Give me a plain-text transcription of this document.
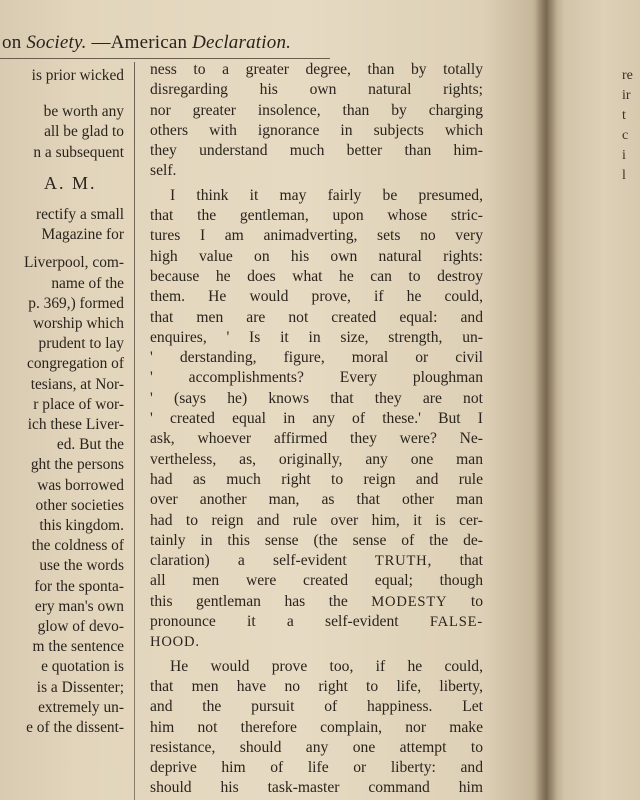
on Society. —American Declaration.
is prior wicked
be worth any
all be glad to
n a subsequent
A. M.
rectify a small
Magazine for
Liverpool, com-
name of the
p. 369,) formed
worship which
prudent to lay
congregation of
tesians, at Nor-
r place of wor-
ich these Liver-
ed. But the
ght the persons
was borrowed
other societies
this kingdom.
the coldness of
use the words
for the sponta-
ery man's own
glow of devo-
m the sentence
e quotation is
is a Dissenter;
extremely un-
e of the dissent-
ness to a greater degree, than by totally
disregarding his own natural rights;
nor greater insolence, than by charging
others with ignorance in subjects which
they understand much better than him-
self.
I think it may fairly be presumed,
that the gentleman, upon whose stric-
tures I am animadverting, sets no very
high value on his own natural rights:
because he does what he can to destroy
them. He would prove, if he could,
that men are not created equal: and
enquires, ' Is it in size, strength, un-
' derstanding, figure, moral or civil
' accomplishments? Every ploughman
' (says he) knows that they are not
' created equal in any of these.' But I
ask, whoever affirmed they were? Ne-
vertheless, as, originally, any one man
had as much right to reign and rule
over another man, as that other man
had to reign and rule over him, it is cer-
tainly in this sense (the sense of the de-
claration) a self-evident TRUTH, that
all men were created equal; though
this gentleman has the MODESTY to
pronounce it a self-evident FALSE-
HOOD.
He would prove too, if he could,
that men have no right to life, liberty,
and the pursuit of happiness. Let
him not therefore complain, nor make
resistance, should any one attempt to
deprive him of life or liberty: and
should his task-master command him
re
ir
t
c
i
l
